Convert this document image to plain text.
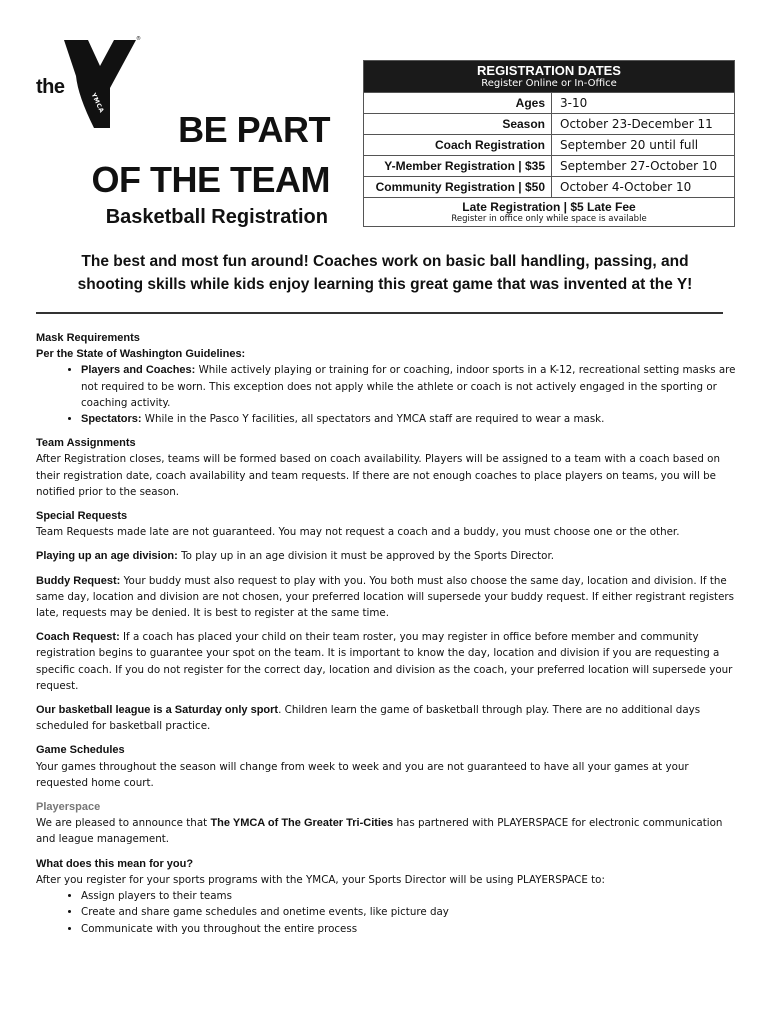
the
®
YMCA
BE PART
OF THE TEAM
Basketball Registration
REGISTRATION DATES
Register Online or In-Office
Ages	3-10
Season	October 23-December 11
Coach Registration	September 20 until full
Y-Member Registration | $35	September 27-October 10
Community Registration | $50	October 4-October 10
Late Registration | $5 Late Fee
Register in office only while space is available
The best and most fun around! Coaches work on basic ball handling, passing, and
shooting skills while kids enjoy learning this great game that was invented at the Y!

Mask Requirements

Per the State of Washington Guidelines:

• Players and Coaches: While actively playing or training for or coaching, indoor sports in a K-12, recreational setting masks are not required to be worn. This exception does not apply while the athlete or coach is not actively engaged in the sporting or coaching activity.
• Spectators: While in the Pasco Y facilities, all spectators and YMCA staff are required to wear a mask.

Team Assignments

After Registration closes, teams will be formed based on coach availability. Players will be assigned to a team with a coach based on their registration date, coach availability and team requests. If there are not enough coaches to place players on teams, you will be notified prior to the season.

Special Requests

Team Requests made late are not guaranteed. You may not request a coach and a buddy, you must choose one or the other.

Playing up an age division: To play up in an age division it must be approved by the Sports Director.

Buddy Request: Your buddy must also request to play with you. You both must also choose the same day, location and division. If the same day, location and division are not chosen, your preferred location will supersede your buddy request. If either registrant registers late, requests may be denied. It is best to register at the same time.

Coach Request: If a coach has placed your child on their team roster, you may register in office before member and community registration begins to guarantee your spot on the team. It is important to know the day, location and division if you are requesting a specific coach. If you do not register for the correct day, location and division as the coach, your preferred location will supersede your request.

Our basketball league is a Saturday only sport. Children learn the game of basketball through play. There are no additional days scheduled for basketball practice.

Game Schedules

Your games throughout the season will change from week to week and you are not guaranteed to have all your games at your requested home court.

Playerspace

We are pleased to announce that The YMCA of The Greater Tri-Cities has partnered with PLAYERSPACE for electronic communication and league management.

What does this mean for you?

After you register for your sports programs with the YMCA, your Sports Director will be using PLAYERSPACE to:

• Assign players to their teams
• Create and share game schedules and onetime events, like picture day
• Communicate with you throughout the entire process
